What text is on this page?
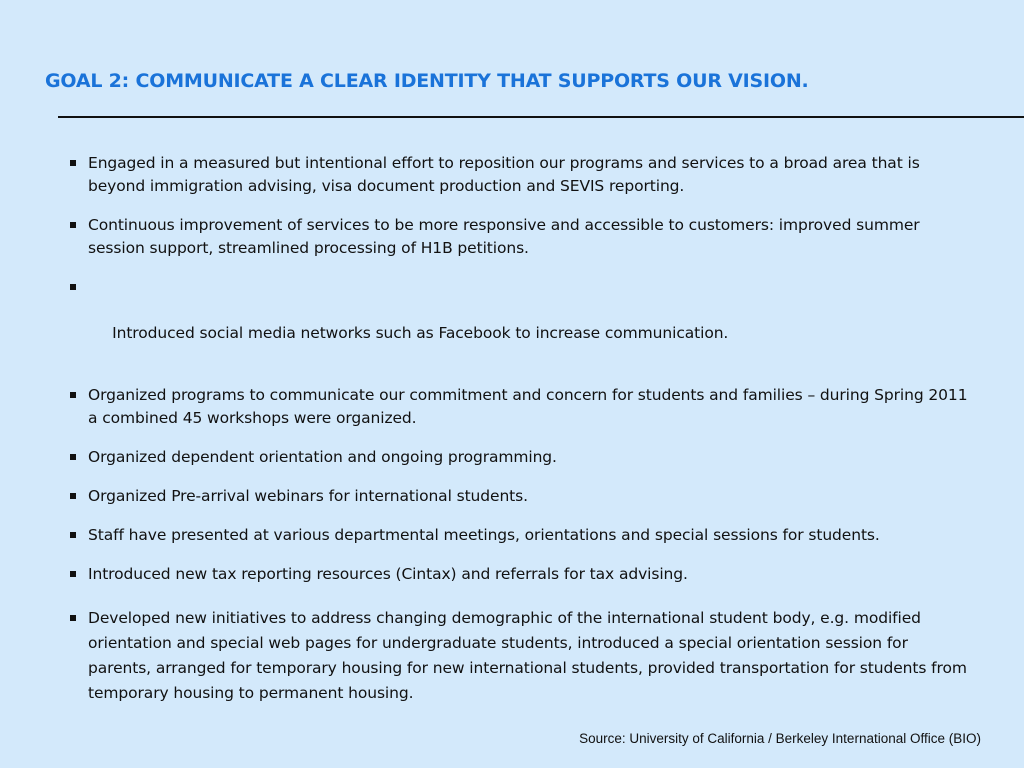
GOAL 2: COMMUNICATE A CLEAR IDENTITY THAT SUPPORTS OUR VISION.
Engaged in a measured but intentional effort to reposition our programs and services to a broad area that is beyond immigration advising, visa document production and SEVIS reporting.
Continuous improvement of services to be more responsive and accessible to customers: improved summer session support, streamlined processing of H1B petitions.

Introduced social media networks such as Facebook to increase communication.

Organized programs to communicate our commitment and concern for students and families – during Spring 2011 a combined 45 workshops were organized.
Organized dependent orientation and ongoing programming.
Organized Pre-arrival webinars for international students.
Staff have presented at various departmental meetings, orientations and special sessions for students.
Introduced new tax reporting resources (Cintax) and referrals for tax advising.
Developed new initiatives to address changing demographic of the international student body, e.g. modified orientation and special web pages for undergraduate students, introduced a special orientation session for parents, arranged for temporary housing for new international students, provided transportation for students from temporary housing to permanent housing.
Source: University of California / Berkeley International Office (BIO)
